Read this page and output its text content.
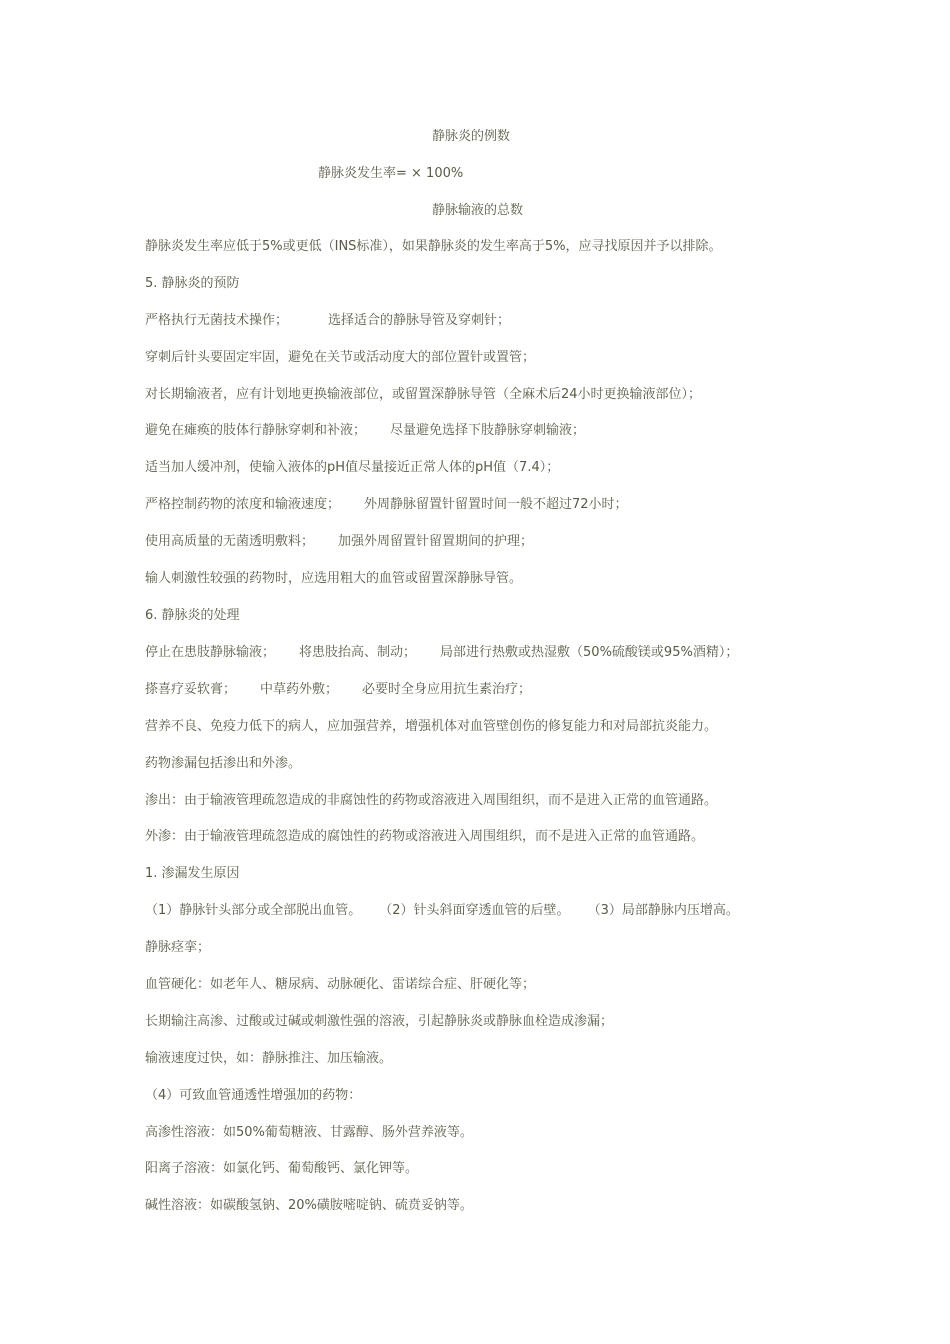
静脉炎的例数
静脉炎发生率= × 100%
静脉输液的总数
静脉炎发生率应低于5%或更低（INS标准），如果静脉炎的发生率高于5%，应寻找原因并予以排除。
5. 静脉炎的预防
严格执行无菌技术操作；	选择适合的静脉导管及穿刺针；
穿刺后针头要固定牢固，避免在关节或活动度大的部位置针或置管；
对长期输液者，应有计划地更换输液部位，或留置深静脉导管（全麻术后24小时更换输液部位）；
避免在瘫痪的肢体行静脉穿刺和补液； 尽量避免选择下肢静脉穿刺输液；
适当加人缓冲剂，使输入液体的pH值尽量接近正常人体的pH值（7.4）；
严格控制药物的浓度和输液速度； 外周静脉留置针留置时间一般不超过72小时；
使用高质量的无菌透明敷料； 加强外周留置针留置期间的护理；
输人刺激性较强的药物时，应选用粗大的血管或留置深静脉导管。
6. 静脉炎的处理
停止在患肢静脉输液； 将患肢抬高、制动； 局部进行热敷或热湿敷（50%硫酸镁或95%酒精）；
搽喜疗妥软膏； 中草药外敷； 必要时全身应用抗生素治疗；
营养不良、免疫力低下的病人，应加强营养，增强机体对血管壁创伤的修复能力和对局部抗炎能力。
药物渗漏包括渗出和外渗。
渗出：由于输液管理疏忽造成的非腐蚀性的药物或溶液进入周围组织，而不是进入正常的血管通路。
外渗：由于输液管理疏忽造成的腐蚀性的药物或溶液进入周围组织，而不是进入正常的血管通路。
1. 渗漏发生原因
（1）静脉针头部分或全部脱出血管。 （2）针头斜面穿透血管的后壁。 （3）局部静脉内压增高。
静脉痉挛；
血管硬化：如老年人、糖尿病、动脉硬化、雷诺综合症、肝硬化等；
长期输注高渗、过酸或过碱或刺激性强的溶液，引起静脉炎或静脉血栓造成渗漏；
输液速度过快，如：静脉推注、加压输液。
（4）可致血管通透性增强加的药物：
高渗性溶液：如50%葡萄糖液、甘露醇、肠外营养液等。
阳离子溶液：如氯化钙、葡萄酸钙、氯化钾等。
碱性溶液：如碳酸氢钠、20%磺胺嘧啶钠、硫贲妥钠等。
